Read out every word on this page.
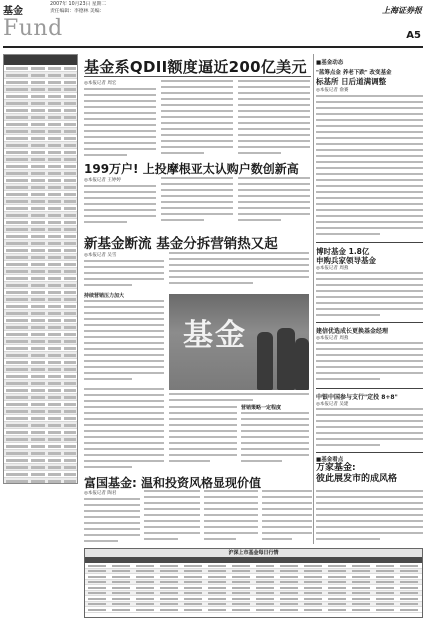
基金
Fund
2007年 10月23日 星期二
责任编辑：李德林 美编：	上海证券报
A5
基金系QDII额度逼近200亿美元
◎本报记者 周宏
199万户! 上投摩根亚太认购户数创新高
◎本报记者 王婷婷
新基金断流 基金分拆营销热又起
◎本报记者 吴雪
持续营销压力加大
基金
营销策略一定程度
富国基金: 温和投资风格显现价值
◎本报记者 陶君
■基金动态
"蓝筹点金 养老下跌" 改变基金
标基所 日后道满调整
◎本报记者 俞赛
博时基金 1.8亿
申购兵家领导基金
◎本报记者 周燕
建信优选成长更换基金经理
◎本报记者 周燕
中银中国参与支行"定投 8+8"
◎本报记者 吴建
■基金看点
万家基金:
彼此展发市的成风格
沪深上市基金每日行情
